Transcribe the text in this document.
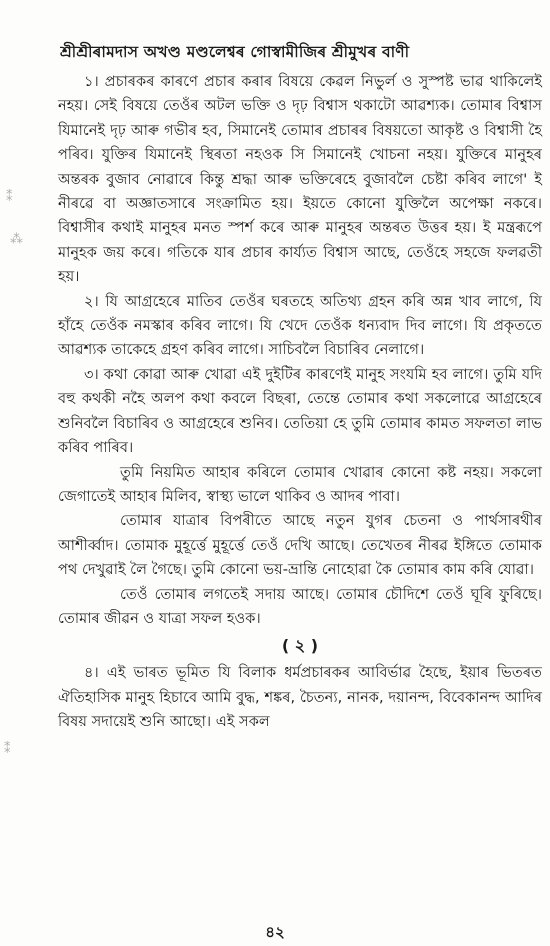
⁑
⁂
⁑
শ্ৰীশ্ৰীৰামদাস অখণ্ড মণ্ডলেশ্বৰ গোস্বামীজিৰ শ্ৰীমুখৰ বাণী

১। প্ৰচাৰকৰ কাৰণে প্ৰচাৰ কৰাৰ বিষয়ে কেৱল নিভুৰ্ল ও সুস্পষ্ট ভাৱ থাকিলেই নহয়। সেই বিষয়ে তেওঁৰ অটল ভক্তি ও দৃঢ় বিশ্বাস থকাটো আৱশ্যক। তোমাৰ বিশ্বাস যিমানেই দৃঢ় আৰু গভীৰ হব, সিমানেই তোমাৰ প্ৰচাৰৰ বিষয়তো আকৃষ্ট ও বিশ্বাসী হৈ পৰিব। যুক্তিৰ যিমানেই স্থিৰতা নহওক সি সিমানেই খোচনা নহয়। যুক্তিৰে মানুহৰ অন্তৰক বুজাব নোৱাৰে কিন্তু শ্ৰদ্ধা আৰু ভক্তিৰেহে বুজাবলৈ চেষ্টা কৰিব লাগে' ই নীৰৱে বা অজ্ঞাতসাৰে সংক্ৰামিত হয়। ইয়তে কোনো যুক্তিলৈ অপেক্ষা নকৰে। বিশ্বাসীৰ কথাই মানুহৰ মনত স্পৰ্শ কৰে আৰু মানুহৰ অন্তৰত উত্তৰ হয়। ই মন্ত্ৰৰূপে মানুহক জয় কৰে। গতিকে যাৰ প্ৰচাৰ কাৰ্য্যত বিশ্বাস আছে, তেওঁহে সহজে ফলৱতী হয়।

২। যি আগ্ৰহেৰে মাতিব তেওঁৰ ঘৰতহে অতিথ্য গ্ৰহন কৰি অন্ন খাব লাগে, যি হাঁহে তেওঁক নমস্কাৰ কৰিব লাগে। যি খেদে তেওঁক ধন্যবাদ দিব লাগে। যি প্ৰকৃততে আৱশ্যক তাকেহে গ্ৰহণ কৰিব লাগে। সাচিবলৈ বিচাৰিব নেলাগে।

৩। কথা কোৱা আৰু খোৱা এই দুইটিৰ কাৰণেই মানুহ সংযমি হব লাগে। তুমি যদি বহু কথকী নহৈ অলপ কথা কবলে বিছৰা, তেন্তে তোমাৰ কথা সকলোৱে আগ্ৰহেৰে শুনিবলৈ বিচাৰিব ও আগ্ৰহেৰে শুনিব। তেতিয়া হে তুমি তোমাৰ কামত সফলতা লাভ কৰিব পাৰিব।

তুমি নিয়মিত আহাৰ কৰিলে তোমাৰ খোৱাৰ কোনো কষ্ট নহয়। সকলো জেগাতেই আহাৰ মিলিব, স্বাস্থ্য ভালে থাকিব ও আদৰ পাবা।

তোমাৰ যাত্ৰাৰ বিপৰীতে আছে নতুন যুগৰ চেতনা ও পাৰ্থসাৰথীৰ আশীৰ্ব্বাদ। তোমাক মুহূৰ্ত্তে মুহূৰ্ত্তে তেওঁ দেখি আছে। তেখেতৰ নীৰৱ ইঙ্গিতে তোমাক পথ দেখুৱাই লৈ গৈছে। তুমি কোনো ভয়-ভ্ৰান্তি নোহোৱা কৈ তোমাৰ কাম কৰি যোৱা।

তেওঁ তোমাৰ লগতেই সদায় আছে। তোমাৰ চৌদিশে তেওঁ ঘূৰি ফুৰিছে। তোমাৰ জীৱন ও যাত্ৰা সফল হওক।

( ২ )

৪। এই ভাৰত ভূমিত যি বিলাক ধৰ্মপ্ৰচাৰকৰ আবিৰ্ভাৱ হৈছে, ইয়াৰ ভিতৰত ঐতিহাসিক মানুহ হিচাবে আমি বুদ্ধ, শঙ্কৰ, চৈতন্য, নানক, দয়ানন্দ, বিবেকানন্দ আদিৰ বিষয় সদায়েই শুনি আছো। এই সকল

৪২
